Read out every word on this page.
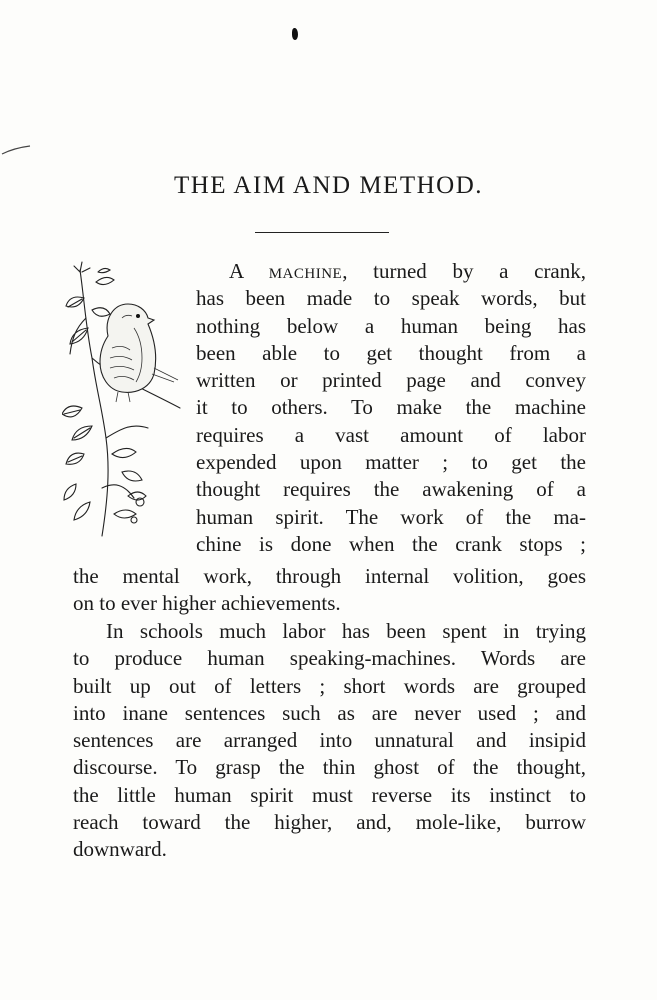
THE AIM AND METHOD.
A machine, turned by a crank,
has been made to speak words, but
nothing below a human being has
been able to get thought from a
written or printed page and convey
it to others. To make the machine
requires a vast amount of labor
expended upon matter ; to get the
thought requires the awakening of a
human spirit. The work of the ma-
chine is done when the crank stops ;
the mental work, through internal volition, goes
on to ever higher achievements.
In schools much labor has been spent in trying
to produce human speaking-machines. Words are
built up out of letters ; short words are grouped
into inane sentences such as are never used ; and
sentences are arranged into unnatural and insipid
discourse. To grasp the thin ghost of the thought,
the little human spirit must reverse its instinct to
reach toward the higher, and, mole-like, burrow
downward.
